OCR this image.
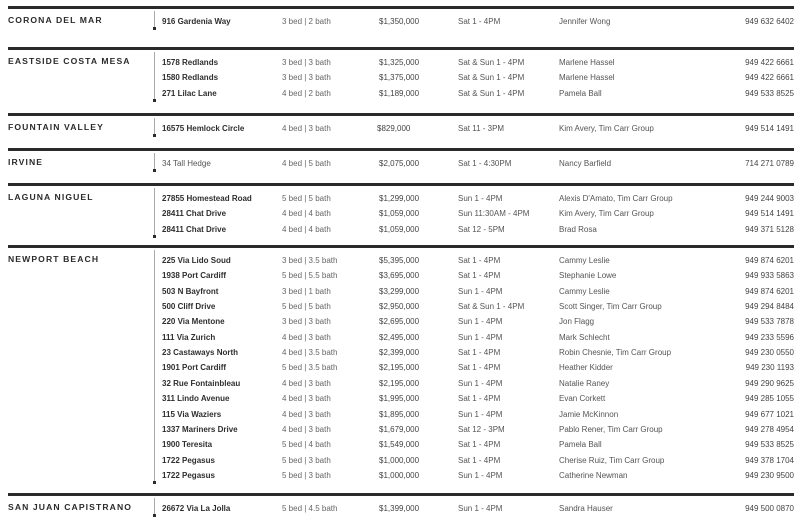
CORONA DEL MAR	916 Gardenia Way	3 bed | 2 bath	$1,350,000	Sat 1 - 4PM	Jennifer Wong	949 632 6402
EASTSIDE COSTA MESA	1578 Redlands	3 bed | 3 bath	$1,325,000	Sat & Sun 1 - 4PM	Marlene Hassel	949 422 6661
1580 Redlands	3 bed | 3 bath	$1,375,000	Sat & Sun 1 - 4PM	Marlene Hassel	949 422 6661
271 Lilac Lane	4 bed | 2 bath	$1,189,000	Sat & Sun 1 - 4PM	Pamela Ball	949 533 8525
FOUNTAIN VALLEY	16575 Hemlock Circle	4 bed | 3 bath	$829,000	Sat 11 - 3PM	Kim Avery, Tim Carr Group	949 514 1491
IRVINE	34 Tall Hedge	4 bed | 5 bath	$2,075,000	Sat 1 - 4:30PM	Nancy Barfield	714 271 0789
LAGUNA NIGUEL	27855 Homestead Road	5 bed | 5 bath	$1,299,000	Sun 1 - 4PM	Alexis D'Amato, Tim Carr Group	949 244 9003
28411 Chat Drive	4 bed | 4 bath	$1,059,000	Sun 11:30AM - 4PM	Kim Avery, Tim Carr Group	949 514 1491
28411 Chat Drive	4 bed | 4 bath	$1,059,000	Sat 12 - 5PM	Brad Rosa	949 371 5128
NEWPORT BEACH	225 Via Lido Soud	3 bed | 3.5 bath	$5,395,000	Sat 1 - 4PM	Cammy Leslie	949 874 6201
1938 Port Cardiff	5 bed | 5.5 bath	$3,695,000	Sat 1 - 4PM	Stephanie Lowe	949 933 5863
503 N Bayfront	3 bed | 1 bath	$3,299,000	Sun 1 - 4PM	Cammy Leslie	949 874 6201
500 Cliff Drive	5 bed | 5 bath	$2,950,000	Sat & Sun 1 - 4PM	Scott Singer, Tim Carr Group	949 294 8484
220 Via Mentone	3 bed | 3 bath	$2,695,000	Sun 1 - 4PM	Jon Flagg	949 533 7878
111 Via Zurich	4 bed | 3 bath	$2,495,000	Sun 1 - 4PM	Mark Schlecht	949 233 5596
23 Castaways North	4 bed | 3.5 bath	$2,399,000	Sat 1 - 4PM	Robin Chesnie, Tim Carr Group	949 230 0550
1901 Port Cardiff	5 bed | 3.5 bath	$2,195,000	Sat 1 - 4PM	Heather Kidder	949 230 1193
32 Rue Fontainbleau	4 bed | 3 bath	$2,195,000	Sun 1 - 4PM	Natalie Raney	949 290 9625
311 Lindo Avenue	4 bed | 3 bath	$1,995,000	Sat 1 - 4PM	Evan Corkett	949 285 1055
115 Via Waziers	4 bed | 3 bath	$1,895,000	Sun 1 - 4PM	Jamie McKinnon	949 677 1021
1337 Mariners Drive	4 bed | 3 bath	$1,679,000	Sat 12 - 3PM	Pablo Rener, Tim Carr Group	949 278 4954
1900 Teresita	5 bed | 4 bath	$1,549,000	Sat 1 - 4PM	Pamela Ball	949 533 8525
1722 Pegasus	5 bed | 3 bath	$1,000,000	Sat 1 - 4PM	Cherise Ruiz, Tim Carr Group	949 378 1704
1722 Pegasus	5 bed | 3 bath	$1,000,000	Sun 1 - 4PM	Catherine Newman	949 230 9500
SAN JUAN CAPISTRANO	26672 Via La Jolla	5 bed | 4.5 bath	$1,399,000	Sun 1 - 4PM	Sandra Hauser	949 500 0870
